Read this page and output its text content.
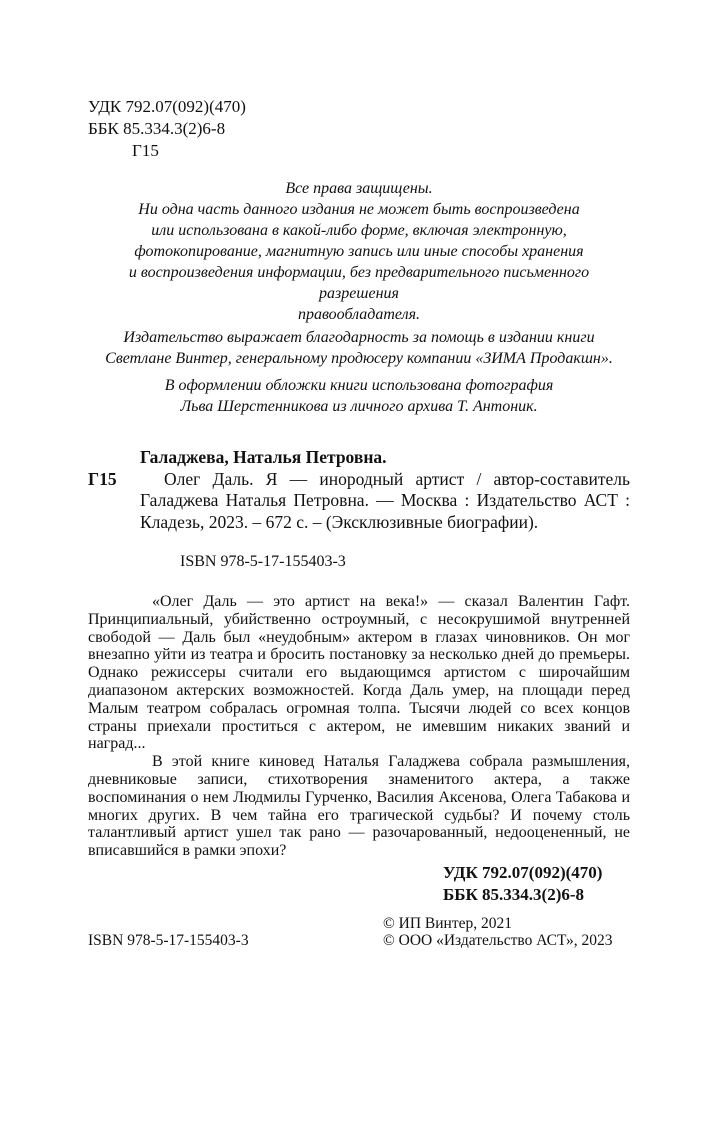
УДК 792.07(092)(470)
ББК 85.334.3(2)6-8
Г15
Все права защищены.
Ни одна часть данного издания не может быть воспроизведена
или использована в какой-либо форме, включая электронную,
фотокопирование, магнитную запись или иные способы хранения
и воспроизведения информации, без предварительного письменного разрешения
правообладателя.
Издательство выражает благодарность за помощь в издании книги
Светлане Винтер, генеральному продюсеру компании «ЗИМА Продакшн».
В оформлении обложки книги использована фотография
Льва Шерстенникова из личного архива Т. Антоник.
Галаджева, Наталья Петровна.
Г15	Олег Даль. Я — инородный артист / автор-составитель Галаджева Наталья Петровна. — Москва : Издательство АСТ : Кладезь, 2023. – 672 с. – (Эксклюзивные биографии).

ISBN 978-5-17-155403-3

«Олег Даль — это артист на века!» — сказал Валентин Гафт. Принципиальный, убийственно остроумный, с несокрушимой внутренней свободой — Даль был «неудобным» актером в глазах чиновников. Он мог внезапно уйти из театра и бросить постановку за несколько дней до премьеры. Однако режиссеры считали его выдающимся артистом с широчайшим диапазоном актерских возможностей. Когда Даль умер, на площади перед Малым театром собралась огромная толпа. Тысячи людей со всех концов страны приехали проститься с актером, не имевшим никаких званий и наград...

В этой книге киновед Наталья Галаджева собрала размышления, дневниковые записи, стихотворения знаменитого актера, а также воспоминания о нем Людмилы Гурченко, Василия Аксенова, Олега Табакова и многих других. В чем тайна его трагической судьбы? И почему столь талантливый артист ушел так рано — разочарованный, недооцененный, не вписавшийся в рамки эпохи?

УДК 792.07(092)(470)
ББК 85.334.3(2)6-8
ISBN 978-5-17-155403-3
© ИП Винтер, 2021
© ООО «Издательство АСТ», 2023
